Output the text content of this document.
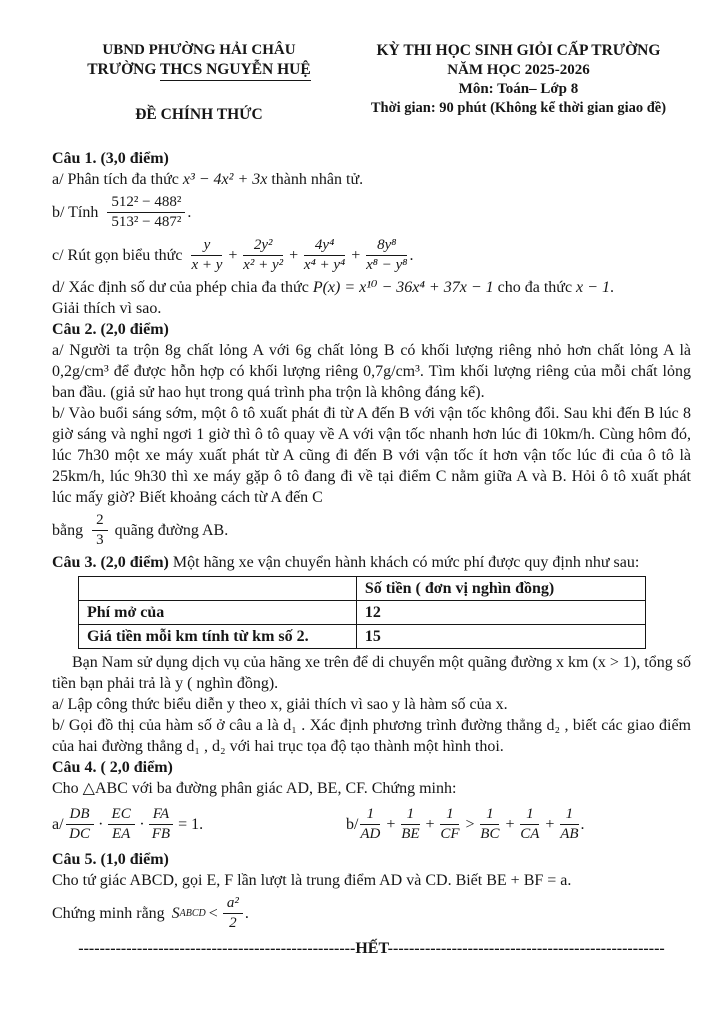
UBND PHƯỜNG HẢI CHÂU
TRƯỜNG THCS NGUYỄN HUỆ
ĐỀ CHÍNH THỨC
KỲ THI HỌC SINH GIỎI CẤP TRƯỜNG
NĂM HỌC 2025-2026
Môn: Toán– Lớp 8
Thời gian: 90 phút (Không kể thời gian giao đề)

Câu 1. (3,0 điểm)

a/ Phân tích đa thức x³ − 4x² + 3x thành nhân tử.

b/ Tính $\frac{\text{512² − 488²}}{\text{513² − 487²}}$ .
c/ Rút gọn biểu thức $\frac{y}{x + y} + \frac{\text{2y²}}{\text{x² + y²}} + \frac{\text{4y⁴}}{\text{x⁴ + y⁴}} + \frac{\text{8y⁸}}{\text{x⁸ − y⁸}}$ .

d/ Xác định số dư của phép chia đa thức P(x) = x¹⁰ − 36x⁴ + 37x − 1 cho đa thức x − 1.

Giải thích vì sao.

Câu 2. (2,0 điểm)

a/ Người ta trộn 8g chất lỏng A với 6g chất lỏng B có khối lượng riêng nhỏ hơn chất lỏng A là 0,2g/cm³ để được hỗn hợp có khối lượng riêng 0,7g/cm³. Tìm khối lượng riêng của mỗi chất lỏng ban đầu. (giả sử hao hụt trong quá trình pha trộn là không đáng kể).

b/ Vào buổi sáng sớm, một ô tô xuất phát đi từ A đến B với vận tốc không đổi. Sau khi đến B lúc 8 giờ sáng và nghỉ ngơi 1 giờ thì ô tô quay về A với vận tốc nhanh hơn lúc đi 10km/h. Cùng hôm đó, lúc 7h30 một xe máy xuất phát từ A cũng đi đến B với vận tốc ít hơn vận tốc lúc đi của ô tô là 25km/h, lúc 9h30 thì xe máy gặp ô tô đang đi về tại điểm C nằm giữa A và B. Hỏi ô tô xuất phát lúc mấy giờ? Biết khoảng cách từ A đến C

bằng $\frac{2}{3}$ quãng đường AB.

Câu 3. (2,0 điểm) Một hãng xe vận chuyển hành khách có mức phí được quy định như sau:

	Số tiền ( đơn vị nghìn đồng)
Phí mở của	12
Giá tiền mỗi km tính từ km số 2.	15

Bạn Nam sử dụng dịch vụ của hãng xe trên để di chuyển một quãng đường x km (x > 1), tổng số tiền bạn phải trả là y ( nghìn đồng).

a/ Lập công thức biểu diễn y theo x, giải thích vì sao y là hàm số của x.

b/ Gọi đồ thị của hàm số ở câu a là d₁ . Xác định phương trình đường thẳng d₂ , biết các giao điểm của hai đường thẳng d₁ , d₂ với hai trục tọa độ tạo thành một hình thoi.

Câu 4. ( 2,0 điểm)

Cho △ABC với ba đường phân giác AD, BE, CF. Chứng minh:

$a/ \frac{DB}{DC} \cdot \frac{EC}{EA} \cdot \frac{FA}{FB} = 1$.	$b/ \frac{1}{AD} + \frac{1}{BE} + \frac{1}{CF} > \frac{1}{BC} + \frac{1}{CA} + \frac{1}{AB}$ .

Câu 5. (1,0 điểm)

Cho tứ giác ABCD, gọi E, F lần lượt là trung điểm AD và CD. Biết BE + BF = a.

Chứng minh rằng S ABCD < $\frac{\text{a²}}{2}$ .
----------------------------------------------------HẾT----------------------------------------------------
